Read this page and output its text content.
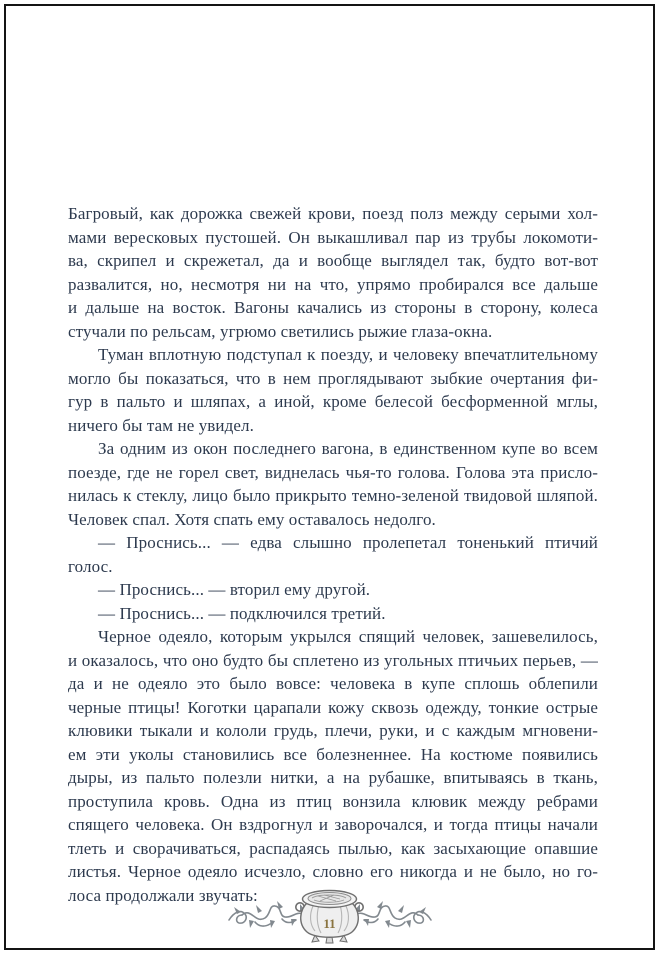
Багровый, как дорожка свежей крови, поезд полз между серыми хол-
мами вересковых пустошей. Он выкашливал пар из трубы локомоти-
ва, скрипел и скрежетал, да и вообще выглядел так, будто вот-вот
развалится, но, несмотря ни на что, упрямо пробирался все дальше
и дальше на восток. Вагоны качались из стороны в сторону, колеса
стучали по рельсам, угрюмо светились рыжие глаза-окна.
Туман вплотную подступал к поезду, и человеку впечатлительному
могло бы показаться, что в нем проглядывают зыбкие очертания фи-
гур в пальто и шляпах, а иной, кроме белесой бесформенной мглы,
ничего бы там не увидел.
За одним из окон последнего вагона, в единственном купе во всем
поезде, где не горел свет, виднелась чья-то голова. Голова эта присло-
нилась к стеклу, лицо было прикрыто темно-зеленой твидовой шляпой.
Человек спал. Хотя спать ему оставалось недолго.
— Проснись... — едва слышно пролепетал тоненький птичий голос.
— Проснись... — вторил ему другой.
— Проснись... — подключился третий.
Черное одеяло, которым укрылся спящий человек, зашевелилось,
и оказалось, что оно будто бы сплетено из угольных птичьих перьев, —
да и не одеяло это было вовсе: человека в купе сплошь облепили
черные птицы! Коготки царапали кожу сквозь одежду, тонкие острые
клювики тыкали и кололи грудь, плечи, руки, и с каждым мгновени-
ем эти уколы становились все болезненнее. На костюме появились
дыры, из пальто полезли нитки, а на рубашке, впитываясь в ткань,
проступила кровь. Одна из птиц вонзила клювик между ребрами
спящего человека. Он вздрогнул и заворочался, и тогда птицы начали
тлеть и сворачиваться, распадаясь пылью, как засыхающие опавшие
листья. Черное одеяло исчезло, словно его никогда и не было, но го-
лоса продолжали звучать:
11
